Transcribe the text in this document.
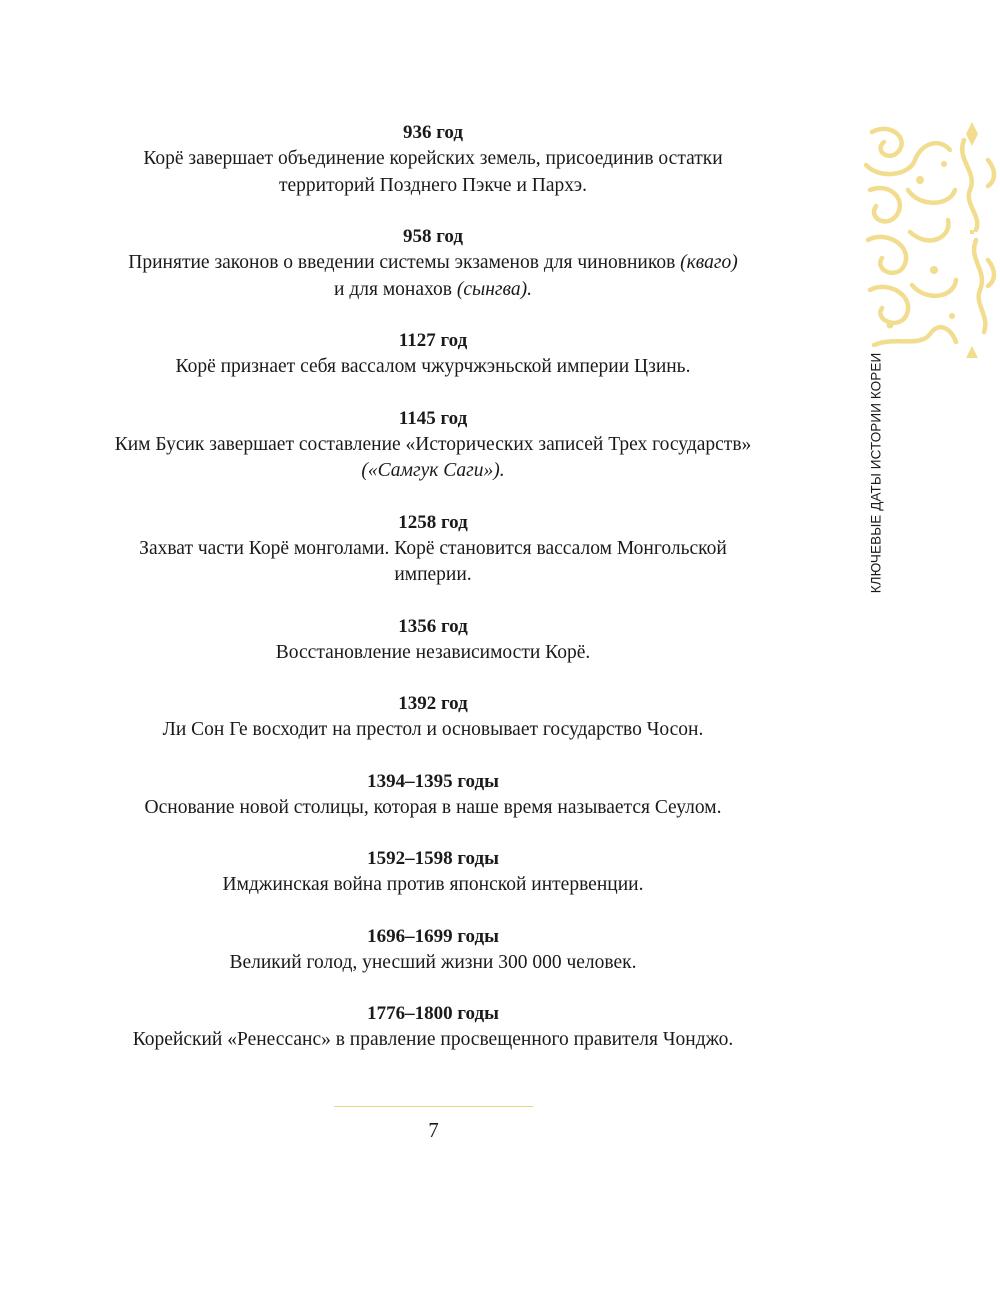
936 год
Корё завершает объединение корейских земель, присоединив остатки территорий Позднего Пэкче и Пархэ.
958 год
Принятие законов о введении системы экзаменов для чиновников (кваго)
и для монахов (сынгва).
1127 год
Корё признает себя вассалом чжурчжэньской империи Цзинь.
1145 год
Ким Бусик завершает составление «Исторических записей Трех государств» («Самгук Саги»).
1258 год
Захват части Корё монголами. Корё становится вассалом Монгольской империи.
1356 год
Восстановление независимости Корё.
1392 год
Ли Сон Ге восходит на престол и основывает государство Чосон.
1394–1395 годы
Основание новой столицы, которая в наше время называется Сеулом.
1592–1598 годы
Имджинская война против японской интервенции.
1696–1699 годы
Великий голод, унесший жизни 300 000 человек.
1776–1800 годы
Корейский «Ренессанс» в правление просвещенного правителя Чонджо.
7
КЛЮЧЕВЫЕ ДАТЫ ИСТОРИИ КОРЕИ
